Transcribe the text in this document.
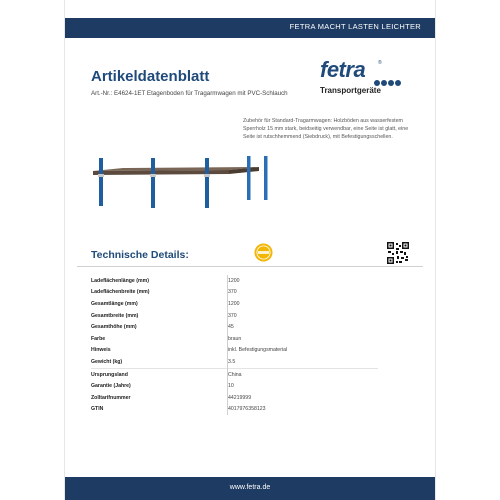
FETRA MACHT LASTEN LEICHTER
Artikeldatenblatt
Art.-Nr.: E4624-1ET Etagenboden für Tragarmwagen mit PVC-Schlauch
fetra	®
Transportgeräte
Zubehör für Standard-Tragarmwagen: Holzböden aus wasserfestem Sperrholz 15 mm stark, beidseitig verwendbar, eine Seite ist glatt, eine Seite ist rutschhemmend (Siebdruck), mit Befestigungsschellen.
Technische Details:
Ladeflächenlänge (mm)	1200
Ladeflächenbreite (mm)	370
Gesamtlänge (mm)	1200
Gesamtbreite (mm)	370
Gesamthöhe (mm)	45
Farbe	braun
Hinweis	inkl. Befestigungsmaterial
Gewicht (kg)	3.5
Ursprungsland	China
Garantie (Jahre)	10
Zolltarifnummer	44219999
GTIN	4017976358123
www.fetra.de
